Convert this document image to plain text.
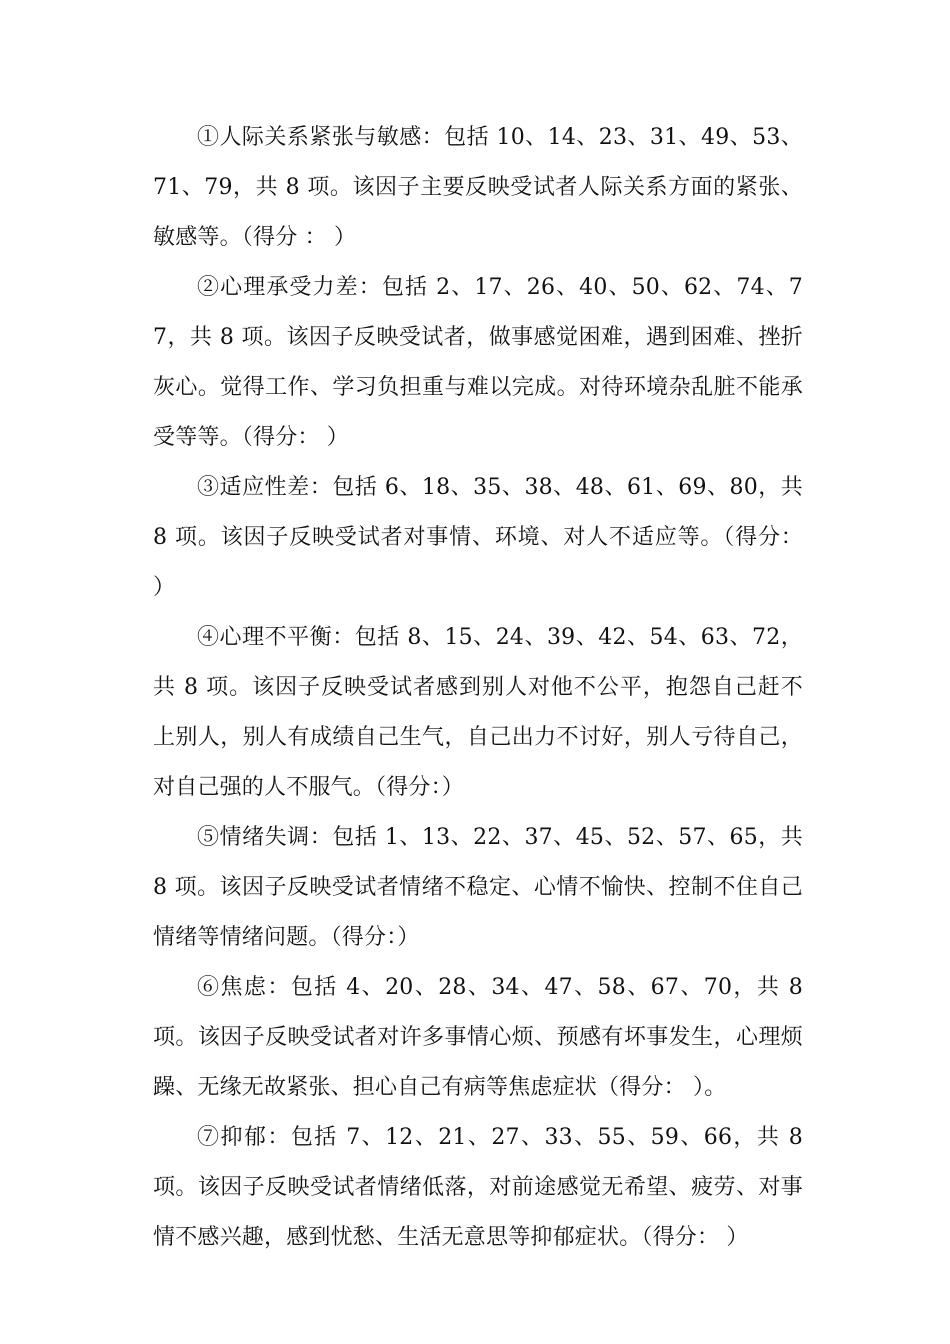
①人际关系紧张与敏感：包括 10、14、23、31、49、53、71、79，共 8 项。该因子主要反映受试者人际关系方面的紧张、敏感等。（得分 ： ）

②心理承受力差：包括 2、17、26、40、50、62、74、77，共 8 项。该因子反映受试者，做事感觉困难，遇到困难、挫折灰心。觉得工作、学习负担重与难以完成。对待环境杂乱脏不能承受等等。（得分： ）

③适应性差：包括 6、18、35、38、48、61、69、80，共 8 项。该因子反映受试者对事情、环境、对人不适应等。（得分： ）

④心理不平衡：包括 8、15、24、39、42、54、63、72，共 8 项。该因子反映受试者感到别人对他不公平，抱怨自己赶不上别人，别人有成绩自己生气，自己出力不讨好，别人亏待自己，对自己强的人不服气。（得分：）

⑤情绪失调：包括 1、13、22、37、45、52、57、65，共 8 项。该因子反映受试者情绪不稳定、心情不愉快、控制不住自己情绪等情绪问题。（得分：）

⑥焦虑：包括 4、20、28、34、47、58、67、70，共 8 项。该因子反映受试者对许多事情心烦、预感有坏事发生，心理烦躁、无缘无故紧张、担心自己有病等焦虑症状（得分： ）。

⑦抑郁：包括 7、12、21、27、33、55、59、66，共 8 项。该因子反映受试者情绪低落，对前途感觉无希望、疲劳、对事情不感兴趣，感到忧愁、生活无意思等抑郁症状。（得分： ）
